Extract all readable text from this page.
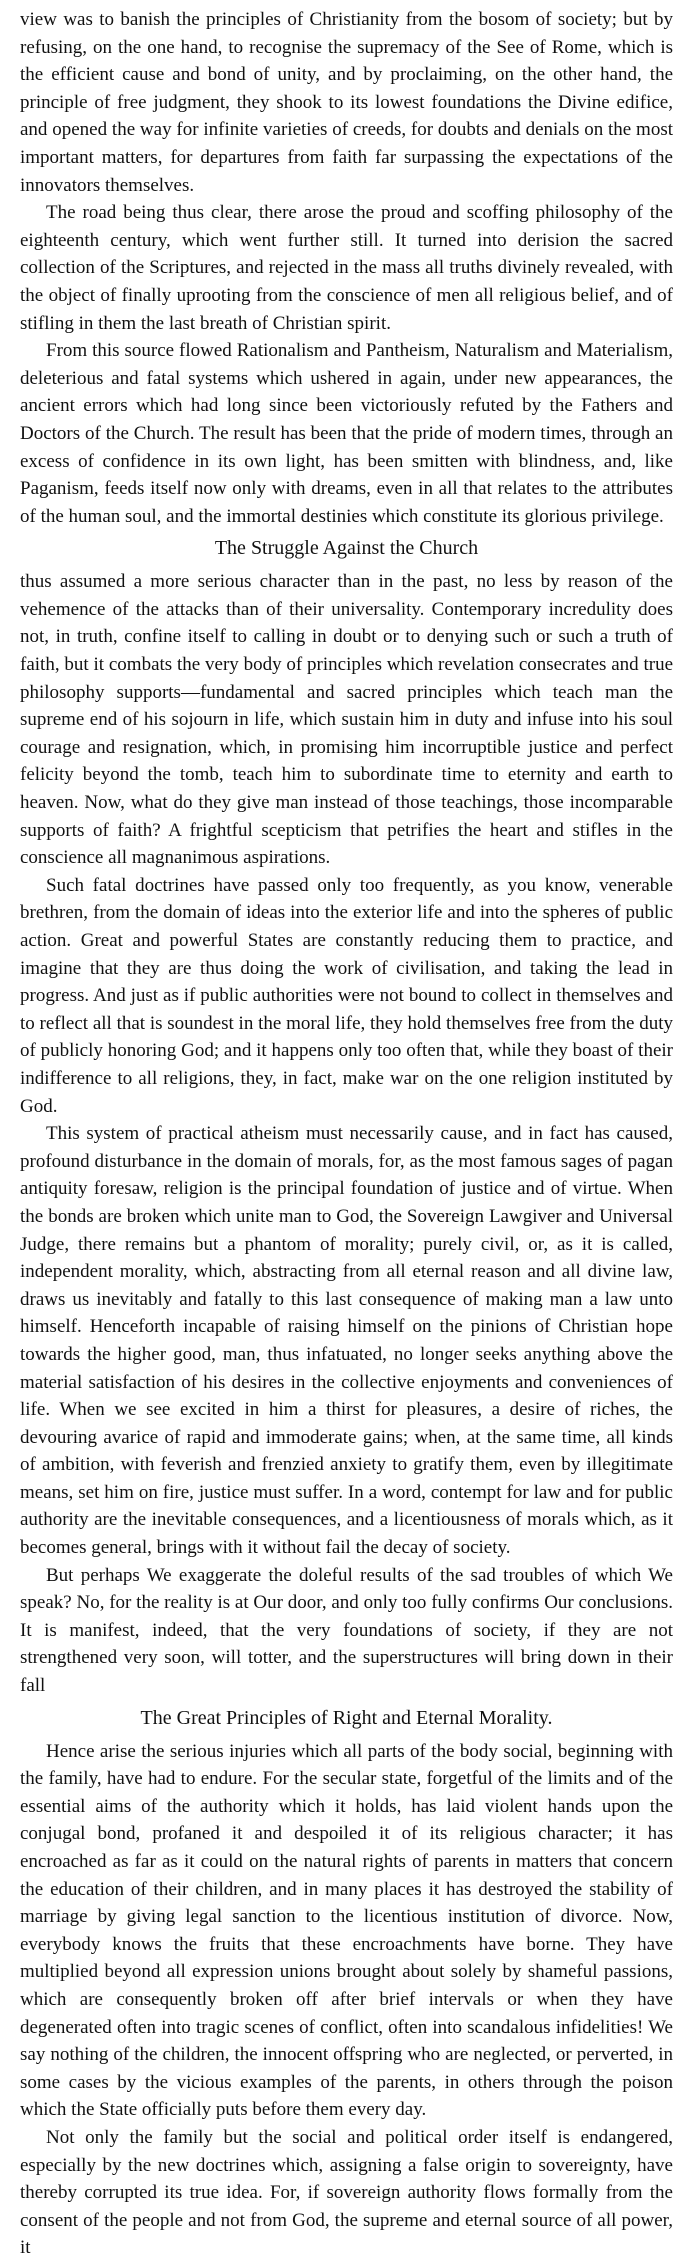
view was to banish the principles of Christianity from the bosom of society; but by refusing, on the one hand, to recognise the supremacy of the See of Rome, which is the efficient cause and bond of unity, and by proclaiming, on the other hand, the principle of free judgment, they shook to its lowest foundations the Divine edifice, and opened the way for infinite varieties of creeds, for doubts and denials on the most important matters, for departures from faith far surpassing the expectations of the innovators themselves.

The road being thus clear, there arose the proud and scoffing philosophy of the eighteenth century, which went further still. It turned into derision the sacred collection of the Scriptures, and rejected in the mass all truths divinely revealed, with the object of finally uprooting from the conscience of men all religious belief, and of stifling in them the last breath of Christian spirit.

From this source flowed Rationalism and Pantheism, Naturalism and Materialism, deleterious and fatal systems which ushered in again, under new appearances, the ancient errors which had long since been victoriously refuted by the Fathers and Doctors of the Church. The result has been that the pride of modern times, through an excess of confidence in its own light, has been smitten with blindness, and, like Paganism, feeds itself now only with dreams, even in all that relates to the attributes of the human soul, and the immortal destinies which constitute its glorious privilege.

The Struggle Against the Church

thus assumed a more serious character than in the past, no less by reason of the vehemence of the attacks than of their universality. Contemporary incredulity does not, in truth, confine itself to calling in doubt or to denying such or such a truth of faith, but it combats the very body of principles which revelation consecrates and true philosophy supports—fundamental and sacred principles which teach man the supreme end of his sojourn in life, which sustain him in duty and infuse into his soul courage and resignation, which, in promising him incorruptible justice and perfect felicity beyond the tomb, teach him to subordinate time to eternity and earth to heaven. Now, what do they give man instead of those teachings, those incomparable supports of faith? A frightful scepticism that petrifies the heart and stifles in the conscience all magnanimous aspirations.

Such fatal doctrines have passed only too frequently, as you know, venerable brethren, from the domain of ideas into the exterior life and into the spheres of public action. Great and powerful States are constantly reducing them to practice, and imagine that they are thus doing the work of civilisation, and taking the lead in progress. And just as if public authorities were not bound to collect in themselves and to reflect all that is soundest in the moral life, they hold themselves free from the duty of publicly honoring God; and it happens only too often that, while they boast of their indifference to all religions, they, in fact, make war on the one religion instituted by God.

This system of practical atheism must necessarily cause, and in fact has caused, profound disturbance in the domain of morals, for, as the most famous sages of pagan antiquity foresaw, religion is the principal foundation of justice and of virtue. When the bonds are broken which unite man to God, the Sovereign Lawgiver and Universal Judge, there remains but a phantom of morality; purely civil, or, as it is called, independent morality, which, abstracting from all eternal reason and all divine law, draws us inevitably and fatally to this last consequence of making man a law unto himself. Henceforth incapable of raising himself on the pinions of Christian hope towards the higher good, man, thus infatuated, no longer seeks anything above the material satisfaction of his desires in the collective enjoyments and conveniences of life. When we see excited in him a thirst for pleasures, a desire of riches, the devouring avarice of rapid and immoderate gains; when, at the same time, all kinds of ambition, with feverish and frenzied anxiety to gratify them, even by illegitimate means, set him on fire, justice must suffer. In a word, contempt for law and for public authority are the inevitable consequences, and a licentiousness of morals which, as it becomes general, brings with it without fail the decay of society.

But perhaps We exaggerate the doleful results of the sad troubles of which We speak? No, for the reality is at Our door, and only too fully confirms Our conclusions. It is manifest, indeed, that the very foundations of society, if they are not strengthened very soon, will totter, and the superstructures will bring down in their fall

The Great Principles of Right and Eternal Morality.

Hence arise the serious injuries which all parts of the body social, beginning with the family, have had to endure. For the secular state, forgetful of the limits and of the essential aims of the authority which it holds, has laid violent hands upon the conjugal bond, profaned it and despoiled it of its religious character; it has encroached as far as it could on the natural rights of parents in matters that concern the education of their children, and in many places it has destroyed the stability of marriage by giving legal sanction to the licentious institution of divorce. Now, everybody knows the fruits that these encroachments have borne. They have multiplied beyond all expression unions brought about solely by shameful passions, which are consequently broken off after brief intervals or when they have degenerated often into tragic scenes of conflict, often into scandalous infidelities! We say nothing of the children, the innocent offspring who are neglected, or perverted, in some cases by the vicious examples of the parents, in others through the poison which the State officially puts before them every day.

Not only the family but the social and political order itself is endangered, especially by the new doctrines which, assigning a false origin to sovereignty, have thereby corrupted its true idea. For, if sovereign authority flows formally from the consent of the people and not from God, the supreme and eternal source of all power, it
